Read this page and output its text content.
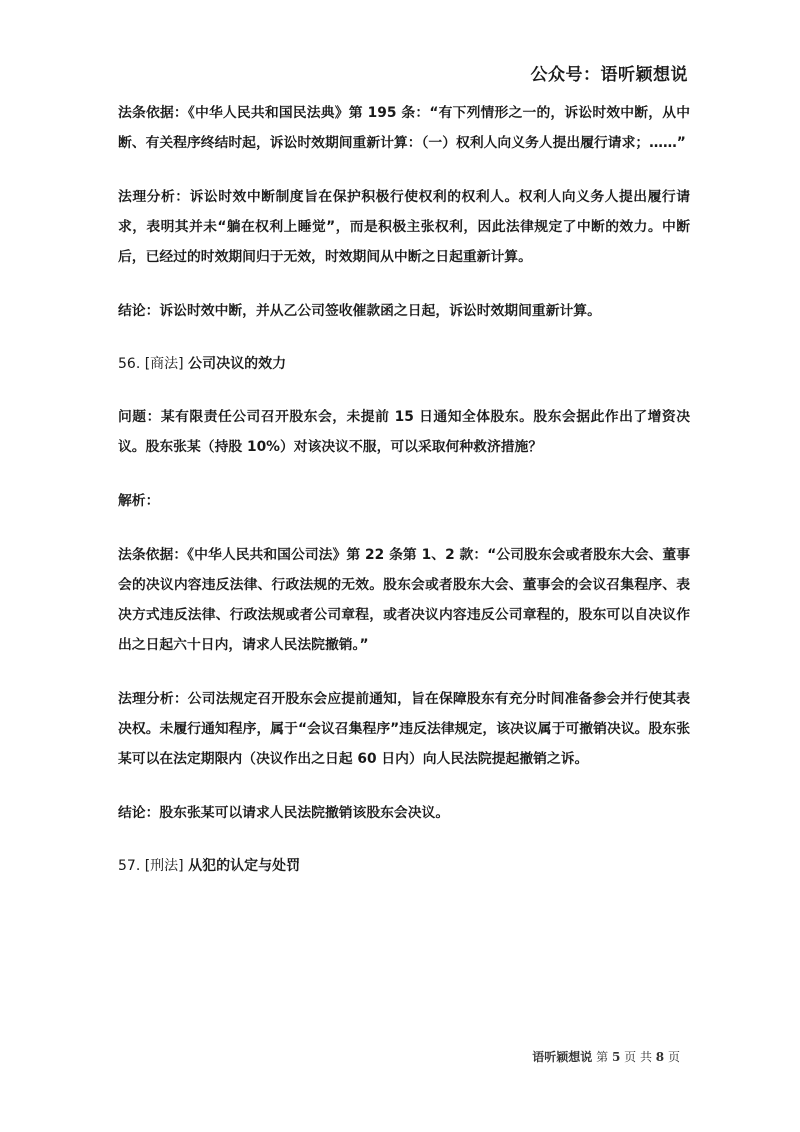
公众号：语听颖想说

法条依据：《中华人民共和国民法典》第 195 条：“有下列情形之一的，诉讼时效中断，从中断、有关程序终结时起，诉讼时效期间重新计算：（一）权利人向义务人提出履行请求；……”

法理分析：诉讼时效中断制度旨在保护积极行使权利的权利人。权利人向义务人提出履行请求，表明其并未“躺在权利上睡觉”，而是积极主张权利，因此法律规定了中断的效力。中断后，已经过的时效期间归于无效，时效期间从中断之日起重新计算。

结论：诉讼时效中断，并从乙公司签收催款函之日起，诉讼时效期间重新计算。

56. [商法] 公司决议的效力

问题：某有限责任公司召开股东会，未提前 15 日通知全体股东。股东会据此作出了增资决议。股东张某（持股 10%）对该决议不服，可以采取何种救济措施？

解析：

法条依据：《中华人民共和国公司法》第 22 条第 1、2 款：“公司股东会或者股东大会、董事会的决议内容违反法律、行政法规的无效。股东会或者股东大会、董事会的会议召集程序、表决方式违反法律、行政法规或者公司章程，或者决议内容违反公司章程的，股东可以自决议作出之日起六十日内，请求人民法院撤销。”

法理分析：公司法规定召开股东会应提前通知，旨在保障股东有充分时间准备参会并行使其表决权。未履行通知程序，属于“会议召集程序”违反法律规定，该决议属于可撤销决议。股东张某可以在法定期限内（决议作出之日起 60 日内）向人民法院提起撤销之诉。

结论：股东张某可以请求人民法院撤销该股东会决议。

57. [刑法] 从犯的认定与处罚

语听颖想说 第 5 页 共 8 页
